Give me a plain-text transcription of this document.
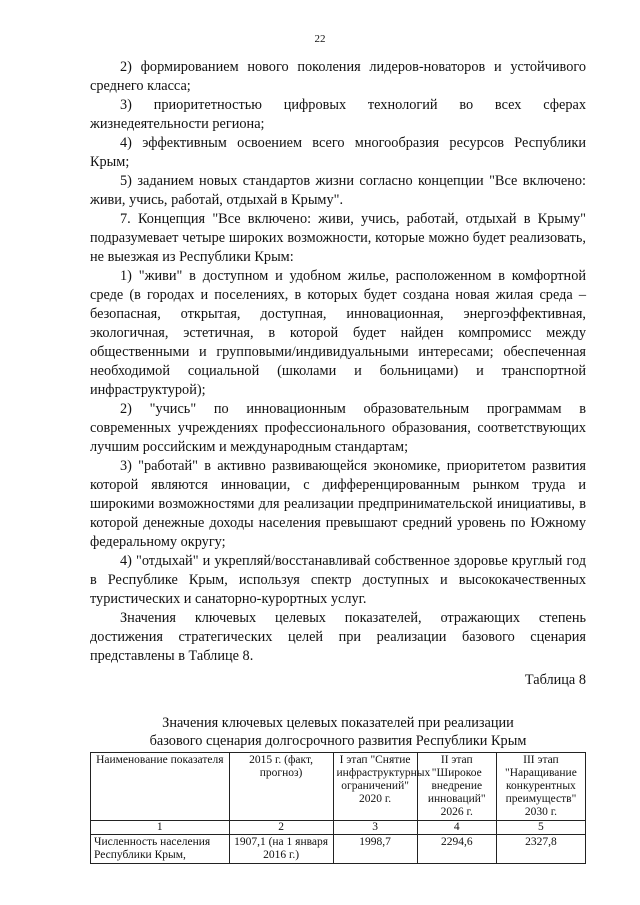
22

2) формированием нового поколения лидеров-новаторов и устойчивого среднего класса;

3) приоритетностью цифровых технологий во всех сферах жизнедеятельности региона;

4) эффективным освоением всего многообразия ресурсов Республики Крым;

5) заданием новых стандартов жизни согласно концепции "Все включено: живи, учись, работай, отдыхай в Крыму".

7. Концепция "Все включено: живи, учись, работай, отдыхай в Крыму" подразумевает четыре широких возможности, которые можно будет реализовать, не выезжая из Республики Крым:

1) "живи" в доступном и удобном жилье, расположенном в комфортной среде (в городах и поселениях, в которых будет создана новая жилая среда – безопасная, открытая, доступная, инновационная, энергоэффективная, экологичная, эстетичная, в которой будет найден компромисс между общественными и групповыми/индивидуальными интересами; обеспеченная необходимой социальной (школами и больницами) и транспортной инфраструктурой);

2) "учись" по инновационным образовательным программам в современных учреждениях профессионального образования, соответствующих лучшим российским и международным стандартам;

3) "работай" в активно развивающейся экономике, приоритетом развития которой являются инновации, с дифференцированным рынком труда и широкими возможностями для реализации предпринимательской инициативы, в которой денежные доходы населения превышают средний уровень по Южному федеральному округу;

4) "отдыхай" и укрепляй/восстанавливай собственное здоровье круглый год в Республике Крым, используя спектр доступных и высококачественных туристических и санаторно-курортных услуг.

Значения ключевых целевых показателей, отражающих степень достижения стратегических целей при реализации базового сценария представлены в Таблице 8.

Таблица 8

Значения ключевых целевых показателей при реализации
базового сценария долгосрочного развития Республики Крым

Наименование показателя	2015 г. (факт, прогноз)	I этап "Снятие инфраструктурных ограничений" 2020 г.	II этап "Широкое внедрение инноваций" 2026 г.	III этап "Наращивание конкурентных преимуществ" 2030 г.
1	2	3	4	5
Численность населения Республики Крым,	1907,1 (на 1 января 2016 г.)	1998,7	2294,6	2327,8
